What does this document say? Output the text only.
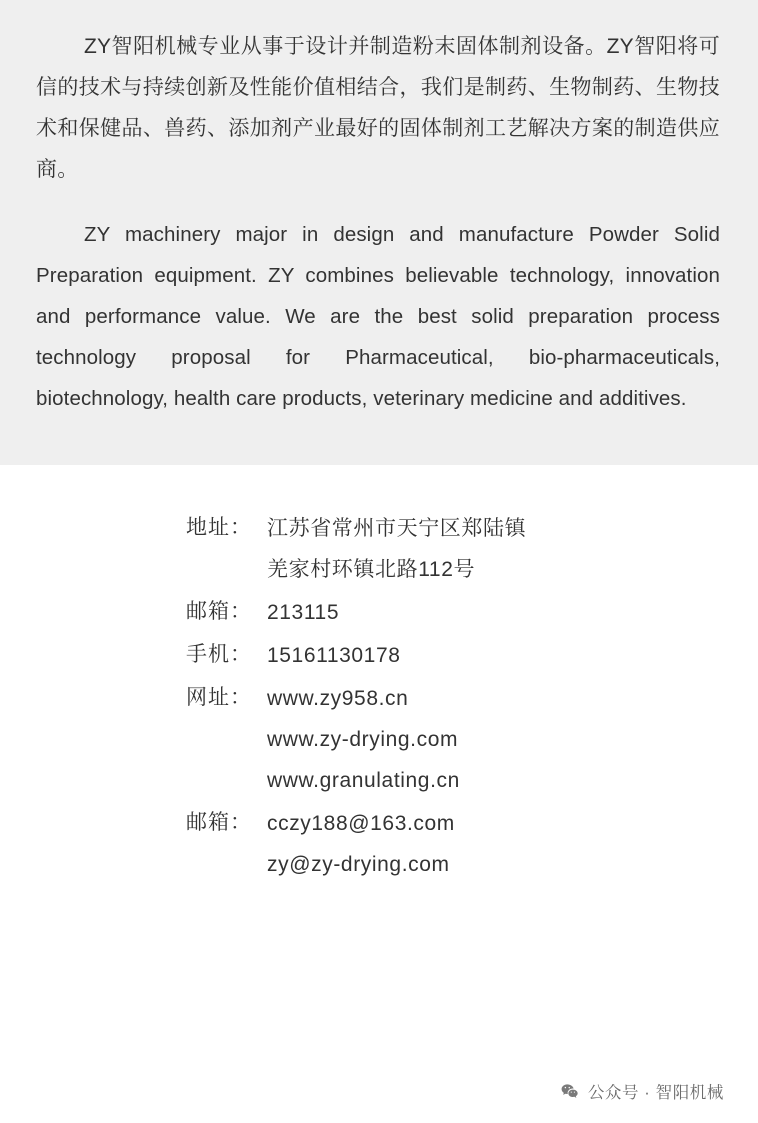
ZY智阳机械专业从事于设计并制造粉末固体制剂设备。ZY智阳将可信的技术与持续创新及性能价值相结合，我们是制药、生物制药、生物技术和保健品、兽药、添加剂产业最好的固体制剂工艺解决方案的制造供应商。

ZY machinery major in design and manufacture Powder Solid Preparation equipment. ZY combines believable technology, innovation and performance value. We are the best solid preparation process technology proposal for Pharmaceutical, bio-pharmaceuticals, biotechnology, health care products, veterinary medicine and additives.

地址：	江苏省常州市天宁区郑陆镇
羌家村环镇北路112号

邮箱：	213115
手机：	15161130178
网址：	www.zy958.cn
www.zy-drying.com
www.granulating.cn

邮箱：	cczy188@163.com
zy@zy-drying.com
公众号 · 智阳机械
